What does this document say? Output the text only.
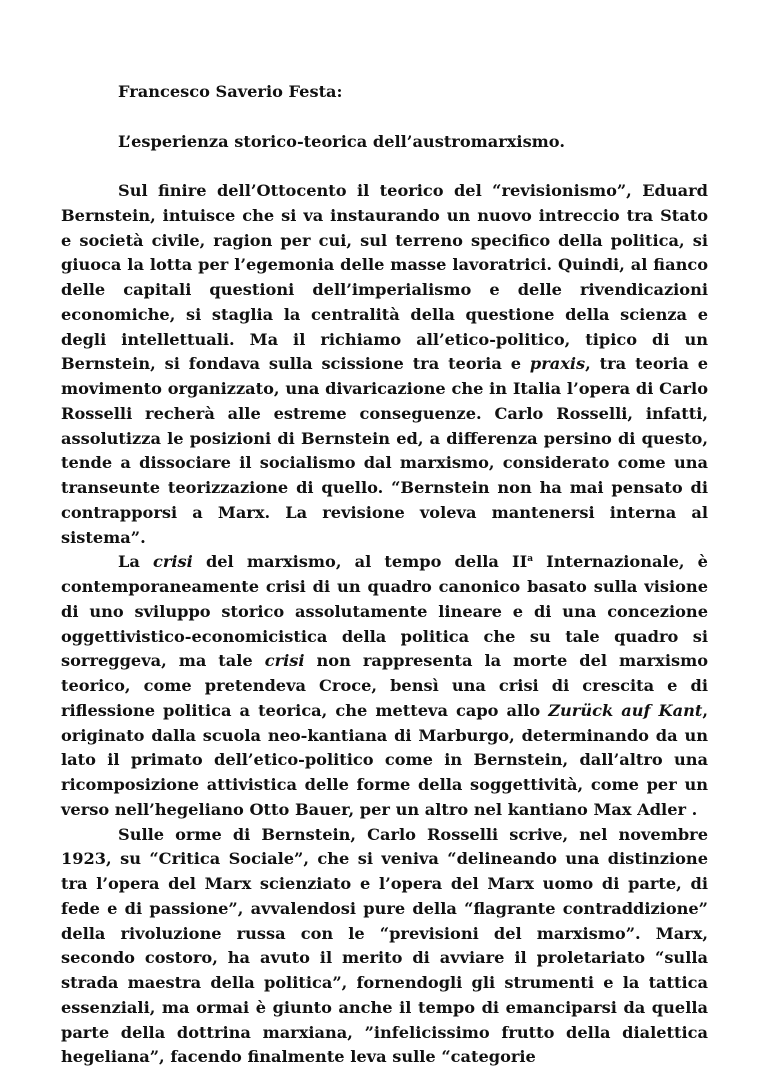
Francesco Saverio Festa:

L’esperienza storico-teorica dell’austromarxismo.

Sul finire dell’Ottocento il teorico del “revisionismo”, Eduard Bernstein, intuisce che si va instaurando un nuovo intreccio tra Stato e società civile, ragion per cui, sul terreno specifico della politica, si giuoca la lotta per l’egemonia delle masse lavoratrici. Quindi, al fianco delle capitali questioni dell’imperialismo e delle rivendicazioni economiche, si staglia la centralità della questione della scienza e degli intellettuali. Ma il richiamo all’etico-politico, tipico di un Bernstein, si fondava sulla scissione tra teoria e praxis, tra teoria e movimento organizzato, una divaricazione che in Italia l’opera di Carlo Rosselli recherà alle estreme conseguenze. Carlo Rosselli, infatti, assolutizza le posizioni di Bernstein ed, a differenza persino di questo, tende a dissociare il socialismo dal marxismo, considerato come una transeunte teorizzazione di quello. “Bernstein non ha mai pensato di contrapporsi a Marx. La revisione voleva mantenersi interna al sistema”.

La crisi del marxismo, al tempo della $II^a$ Internazionale, è contemporaneamente crisi di un quadro canonico basato sulla visione di uno sviluppo storico assolutamente lineare e di una concezione oggettivistico-economicistica della politica che su tale quadro si sorreggeva, ma tale crisi non rappresenta la morte del marxismo teorico, come pretendeva Croce, bensì una crisi di crescita e di riflessione politica a teorica, che metteva capo allo Zurück auf Kant, originato dalla scuola neo-kantiana di Marburgo, determinando da un lato il primato dell’etico-politico come in Bernstein, dall’altro una ricomposizione attivistica delle forme della soggettività, come per un verso nell’hegeliano Otto Bauer, per un altro nel kantiano Max Adler .

Sulle orme di Bernstein, Carlo Rosselli scrive, nel novembre 1923, su “Critica Sociale”, che si veniva “delineando una distinzione tra l’opera del Marx scienziato e l’opera del Marx uomo di parte, di fede e di passione”, avvalendosi pure della “flagrante contraddizione” della rivoluzione russa con le “previsioni del marxismo”. Marx, secondo costoro, ha avuto il merito di avviare il proletariato “sulla strada maestra della politica”, fornendogli gli strumenti e la tattica essenziali, ma ormai è giunto anche il tempo di emanciparsi da quella parte della dottrina marxiana, ”infelicissimo frutto della dialettica hegeliana”, facendo finalmente leva sulle “categorie
